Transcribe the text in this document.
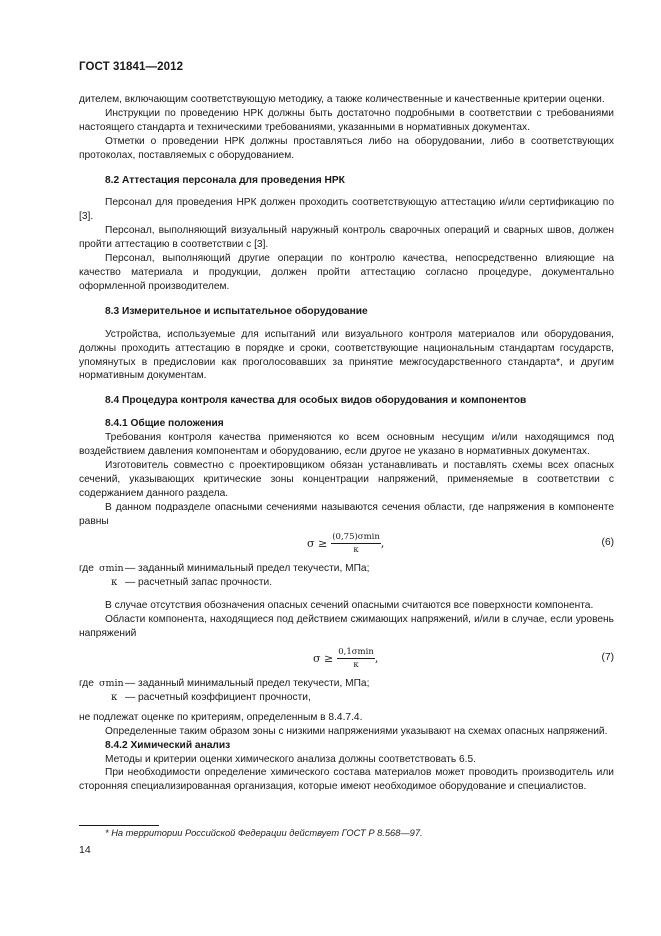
ГОСТ 31841—2012

дителем, включающим соответствующую методику, а также количественные и качественные критерии оценки.

Инструкции по проведению НРК должны быть достаточно подробными в соответствии с требованиями настоящего стандарта и техническими требованиями, указанными в нормативных документах.

Отметки о проведении НРК должны проставляться либо на оборудовании, либо в соответствующих протоколах, поставляемых с оборудованием.

8.2 Аттестация персонала для проведения НРК

Персонал для проведения НРК должен проходить соответствующую аттестацию и/или сертификацию по [3].

Персонал, выполняющий визуальный наружный контроль сварочных операций и сварных швов, должен пройти аттестацию в соответствии с [3].

Персонал, выполняющий другие операции по контролю качества, непосредственно влияющие на качество материала и продукции, должен пройти аттестацию согласно процедуре, документально оформленной производителем.

8.3 Измерительное и испытательное оборудование

Устройства, используемые для испытаний или визуального контроля материалов или оборудования, должны проходить аттестацию в порядке и сроки, соответствующие национальным стандартам государств, упомянутых в предисловии как проголосовавших за принятие межгосударственного стандарта*, и другим нормативным документам.

8.4 Процедура контроля качества для особых видов оборудования и компонентов

8.4.1 Общие положения

Требования контроля качества применяются ко всем основным несущим и/или находящимся под воздействием давления компонентам и оборудованию, если другое не указано в нормативных документах.

Изготовитель совместно с проектировщиком обязан устанавливать и поставлять схемы всех опасных сечений, указывающих критические зоны концентрации напряжений, применяемые в соответствии с содержанием данного раздела.

В данном подразделе опасными сечениями называются сечения области, где напряжения в компоненте равны

$\sigma \ge \frac{(0,75)\sigma\min}{\kappa}$ ,	(6)
где σmin — заданный минимальный предел текучести, МПа;
κ — расчетный запас прочности.

В случае отсутствия обозначения опасных сечений опасными считаются все поверхности компонента.

Области компонента, находящиеся под действием сжимающих напряжений, и/или в случае, если уровень напряжений

$\sigma \ge \frac{0,1\sigma\min}{\kappa}$ ,	(7)
где σmin — заданный минимальный предел текучести, МПа;
κ — расчетный коэффициент прочности,

не подлежат оценке по критериям, определенным в 8.4.7.4.

Определенные таким образом зоны с низкими напряжениями указывают на схемах опасных напряжений.

8.4.2 Химический анализ

Методы и критерии оценки химического анализа должны соответствовать 6.5.

При необходимости определение химического состава материалов может проводить производитель или сторонняя специализированная организация, которые имеют необходимое оборудование и специалистов.

* На территории Российской Федерации действует ГОСТ Р 8.568—97.
14
